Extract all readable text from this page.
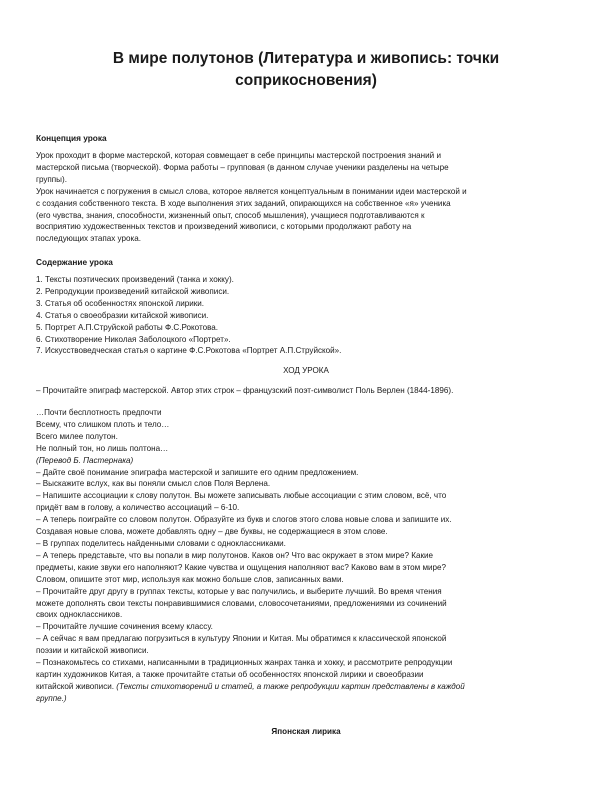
В мире полутонов (Литература и живопись: точки
соприкосновения)
Концепция урока
Урок проходит в форме мастерской, которая совмещает в себе принципы мастерской построения знаний и
мастерской письма (творческой). Форма работы – групповая (в данном случае ученики разделены на четыре
группы).
Урок начинается с погружения в смысл слова, которое является концептуальным в понимании идеи мастерской и
с создания собственного текста. В ходе выполнения этих заданий, опирающихся на собственное «я» ученика
(его чувства, знания, способности, жизненный опыт, способ мышления), учащиеся подготавливаются к
восприятию художественных текстов и произведений живописи, с которыми продолжают работу на
последующих этапах урока.
Содержание урока
1. Тексты поэтических произведений (танка и хокку).
2. Репродукции произведений китайской живописи.
3. Статья об особенностях японской лирики.
4. Статья о своеобразии китайской живописи.
5. Портрет А.П.Струйской работы Ф.С.Рокотова.
6. Стихотворение Николая Заболоцкого «Портрет».
7. Искусствоведческая статья о картине Ф.С.Рокотова «Портрет А.П.Струйской».
ХОД УРОКА
– Прочитайте эпиграф мастерской. Автор этих строк – французский поэт-символист Поль Верлен (1844-1896).
…Почти бесплотность предпочти
Всему, что слишком плоть и тело…
Всего милее полутон.
Не полный тон, но лишь полтона…
(Перевод Б. Пастернака)
– Дайте своё понимание эпиграфа мастерской и запишите его одним предложением.
– Выскажите вслух, как вы поняли смысл слов Поля Верлена.
– Напишите ассоциации к слову полутон. Вы можете записывать любые ассоциации с этим словом, всё, что
придёт вам в голову, а количество ассоциаций – 6-10.
– А теперь поиграйте со словом полутон. Образуйте из букв и слогов этого слова новые слова и запишите их.
Создавая новые слова, можете добавлять одну – две буквы, не содержащиеся в этом слове.
– В группах поделитесь найденными словами с одноклассниками.
– А теперь представьте, что вы попали в мир полутонов. Каков он? Что вас окружает в этом мире? Какие
предметы, какие звуки его наполняют? Какие чувства и ощущения наполняют вас? Каково вам в этом мире?
Словом, опишите этот мир, используя как можно больше слов, записанных вами.
– Прочитайте друг другу в группах тексты, которые у вас получились, и выберите лучший. Во время чтения
можете дополнять свои тексты понравившимися словами, словосочетаниями, предложениями из сочинений
своих одноклассников.
– Прочитайте лучшие сочинения всему классу.
– А сейчас я вам предлагаю погрузиться в культуру Японии и Китая. Мы обратимся к классической японской
поэзии и китайской живописи.
– Познакомьтесь со стихами, написанными в традиционных жанрах танка и хокку, и рассмотрите репродукции
картин художников Китая, а также прочитайте статьи об особенностях японской лирики и своеобразии
китайской живописи. (Тексты стихотворений и статей, а также репродукции картин представлены в каждой
группе.)
Японская лирика
